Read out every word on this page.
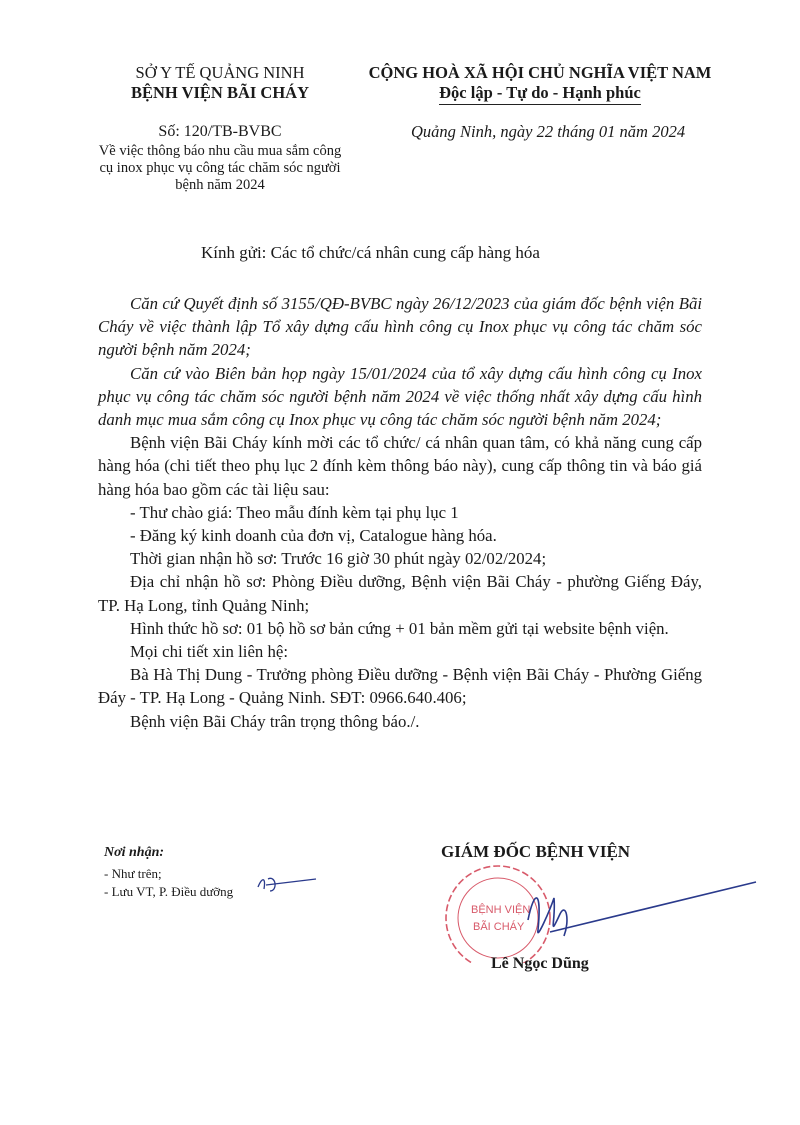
SỞ Y TẾ QUẢNG NINH
BỆNH VIỆN BÃI CHÁY
CỘNG HOÀ XÃ HỘI CHỦ NGHĨA VIỆT NAM
Độc lập - Tự do - Hạnh phúc
Số: 120/TB-BVBC
Về việc thông báo nhu cầu mua sắm công cụ inox phục vụ công tác chăm sóc người bệnh năm 2024
Quảng Ninh, ngày 22 tháng 01 năm 2024
Kính gửi: Các tổ chức/cá nhân cung cấp hàng hóa

Căn cứ Quyết định số 3155/QĐ-BVBC ngày 26/12/2023 của giám đốc bệnh viện Bãi Cháy về việc thành lập Tổ xây dựng cấu hình công cụ Inox phục vụ công tác chăm sóc người bệnh năm 2024;

Căn cứ vào Biên bản họp ngày 15/01/2024 của tổ xây dựng cấu hình công cụ Inox phục vụ công tác chăm sóc người bệnh năm 2024 về việc thống nhất xây dựng cấu hình danh mục mua sắm công cụ Inox phục vụ công tác chăm sóc người bệnh năm 2024;

Bệnh viện Bãi Cháy kính mời các tổ chức/ cá nhân quan tâm, có khả năng cung cấp hàng hóa (chi tiết theo phụ lục 2 đính kèm thông báo này), cung cấp thông tin và báo giá hàng hóa bao gồm các tài liệu sau:

- Thư chào giá: Theo mẫu đính kèm tại phụ lục 1

- Đăng ký kinh doanh của đơn vị, Catalogue hàng hóa.

Thời gian nhận hồ sơ: Trước 16 giờ 30 phút ngày 02/02/2024;

Địa chỉ nhận hồ sơ: Phòng Điều dưỡng, Bệnh viện Bãi Cháy - phường Giếng Đáy, TP. Hạ Long, tỉnh Quảng Ninh;

Hình thức hồ sơ: 01 bộ hồ sơ bản cứng + 01 bản mềm gửi tại website bệnh viện.

Mọi chi tiết xin liên hệ:

Bà Hà Thị Dung - Trưởng phòng Điều dưỡng - Bệnh viện Bãi Cháy - Phường Giếng Đáy - TP. Hạ Long - Quảng Ninh. SĐT: 0966.640.406;

Bệnh viện Bãi Cháy trân trọng thông báo./.

Nơi nhận:
- Như trên;
- Lưu VT, P. Điều dưỡng
GIÁM ĐỐC BỆNH VIỆN
BỆNH VIỆN
BÃI CHÁY
Lê Ngọc Dũng
